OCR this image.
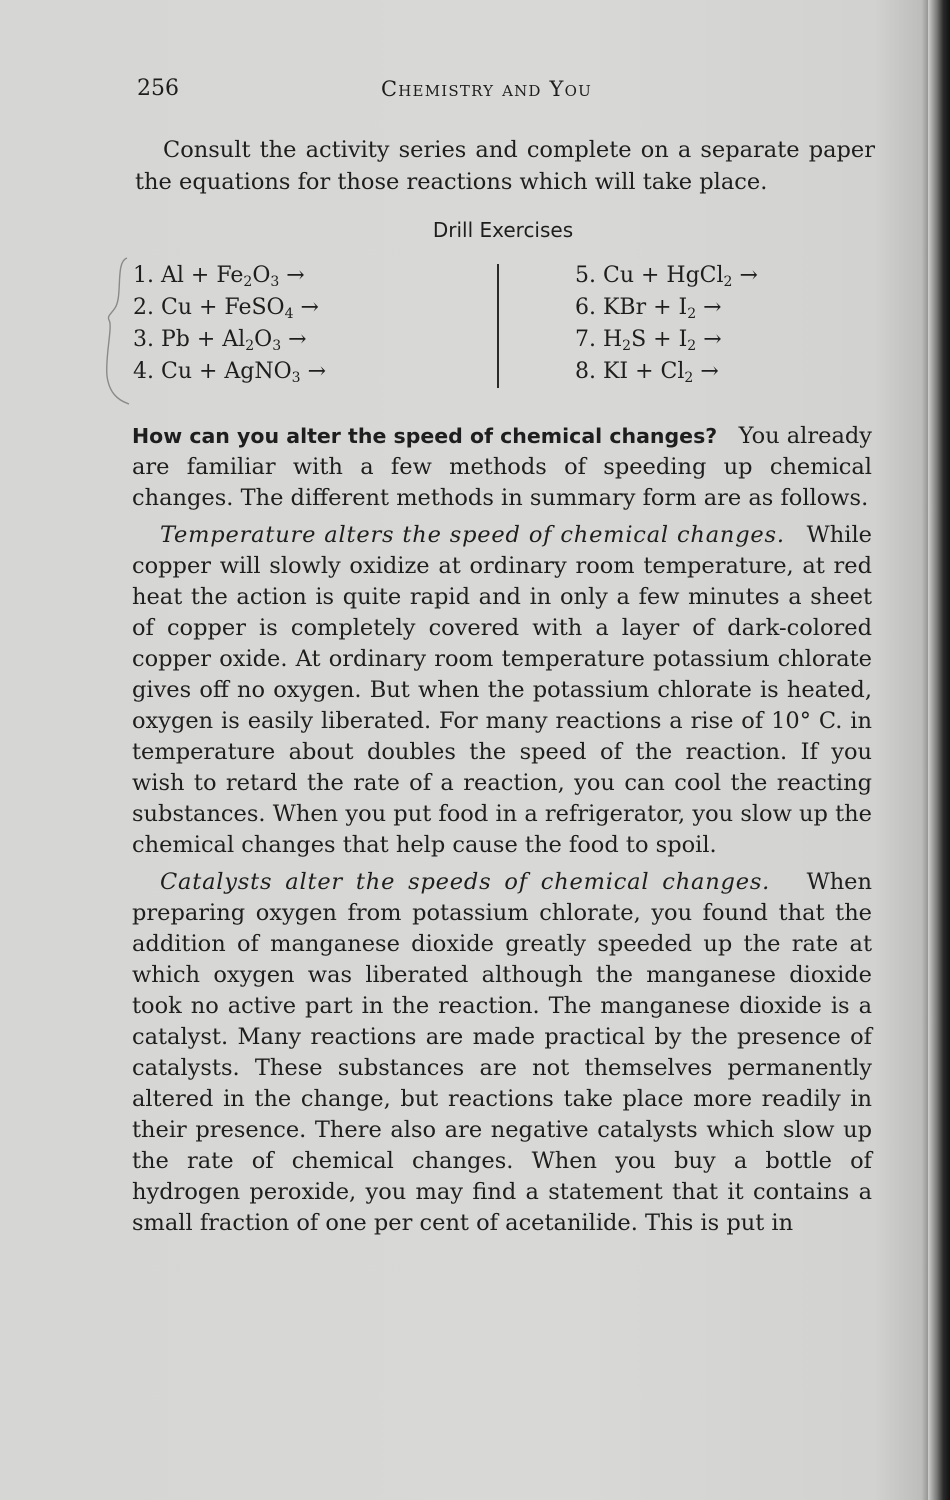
256	Chemistry and You

Consult the activity series and complete on a separate paper the equations for those reactions which will take place.

Drill Exercises
1. $Al + Fe_2O_3$ →
2. Cu + FeSO$_4$ →
3. $Pb + Al_2O_3$ →
4. Cu + AgNO$_3$ →
5. Cu + HgCl$_2$ →
6. KBr + $I_2$ →
7. $H_2S + I_2$ →
8. KI + $Cl_2$ →

How can you alter the speed of chemical changes? You already are familiar with a few methods of speeding up chemical changes. The different methods in summary form are as follows.

Temperature alters the speed of chemical changes. While copper will slowly oxidize at ordinary room temperature, at red heat the action is quite rapid and in only a few minutes a sheet of copper is completely covered with a layer of dark-colored copper oxide. At ordinary room temperature potassium chlorate gives off no oxygen. But when the potassium chlorate is heated, oxygen is easily liberated. For many reactions a rise of 10° C. in temperature about doubles the speed of the reaction. If you wish to retard the rate of a reaction, you can cool the reacting substances. When you put food in a refrigerator, you slow up the chemical changes that help cause the food to spoil.

Catalysts alter the speeds of chemical changes. When preparing oxygen from potassium chlorate, you found that the addition of manganese dioxide greatly speeded up the rate at which oxygen was liberated although the manganese dioxide took no active part in the reaction. The manganese dioxide is a catalyst. Many reactions are made practical by the presence of catalysts. These substances are not themselves permanently altered in the change, but reactions take place more readily in their presence. There also are negative catalysts which slow up the rate of chemical changes. When you buy a bottle of hydrogen peroxide, you may find a statement that it contains a small fraction of one per cent of acetanilide. This is put in
